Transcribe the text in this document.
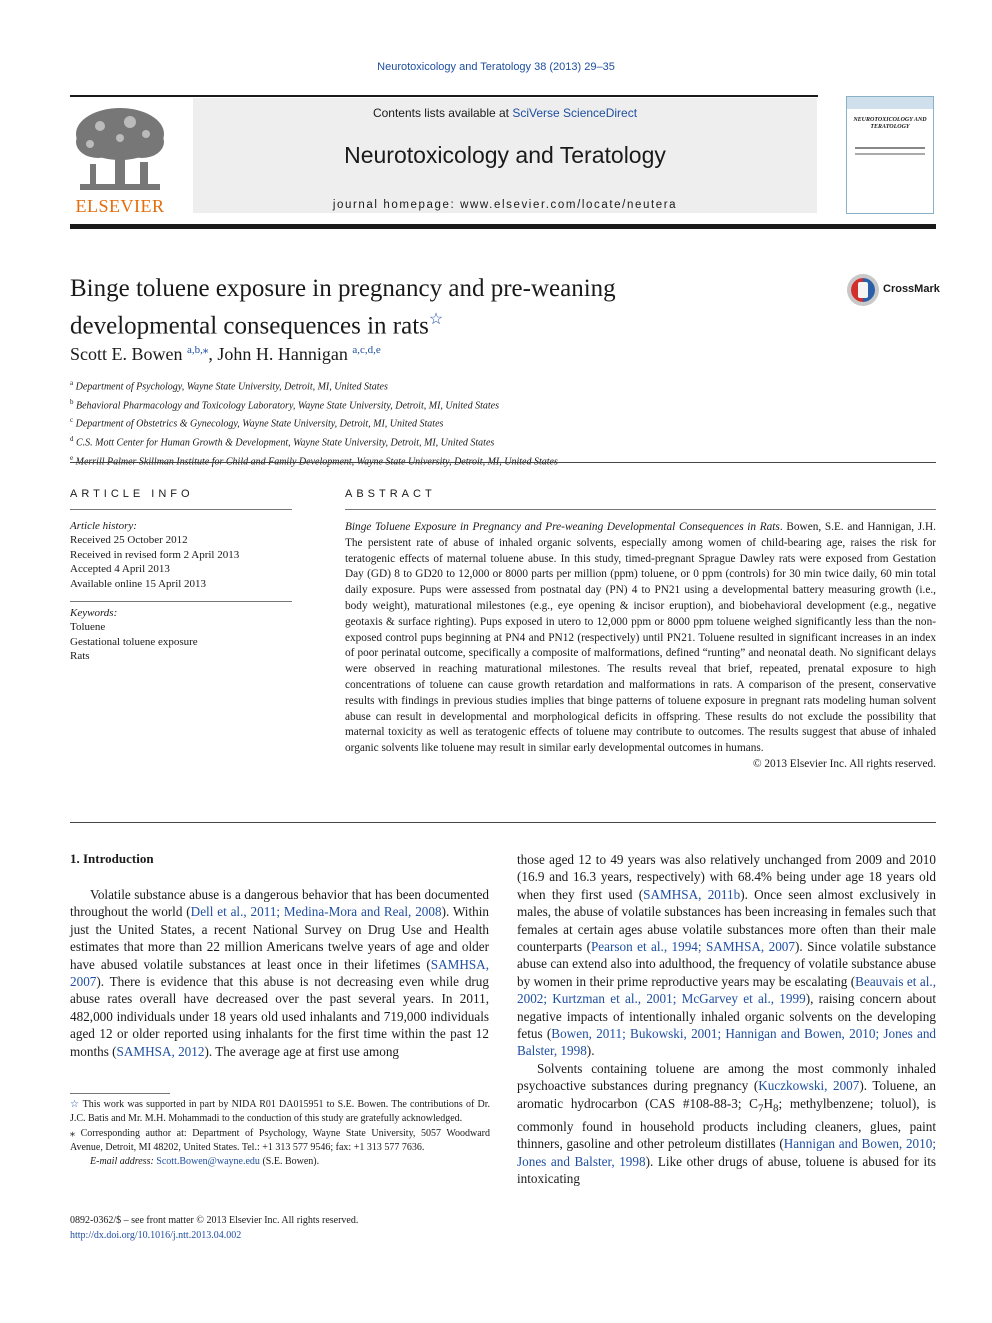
Neurotoxicology and Teratology 38 (2013) 29–35
ELSEVIER
Contents lists available at SciVerse ScienceDirect
Neurotoxicology and Teratology
journal homepage: www.elsevier.com/locate/neutera
NEUROTOXICOLOGY AND TERATOLOGY
Binge toluene exposure in pregnancy and pre-weaning
developmental consequences in rats☆
CrossMark
Scott E. Bowen $^{a,b,⁎}$, John H. Hannigan $^{a,c,d,e}$
$^a$ Department of Psychology, Wayne State University, Detroit, MI, United States
$^b$ Behavioral Pharmacology and Toxicology Laboratory, Wayne State University, Detroit, MI, United States
$^c$ Department of Obstetrics & Gynecology, Wayne State University, Detroit, MI, United States
$^d$ C.S. Mott Center for Human Growth & Development, Wayne State University, Detroit, MI, United States
$^e$
ARTICLE INFO
Article history:
Received 25 October 2012
Received in revised form 2 April 2013
Accepted 4 April 2013
Available online 15 April 2013
Keywords:
Toluene
Gestational toluene exposure
Rats
ABSTRACT
Binge Toluene Exposure in Pregnancy and Pre-weaning Developmental Consequences in Rats. Bowen, S.E. and Hannigan, J.H. The persistent rate of abuse of inhaled organic solvents, especially among women of child-bearing age, raises the risk for teratogenic effects of maternal toluene abuse. In this study, timed-pregnant Sprague Dawley rats were exposed from Gestation Day (GD) 8 to GD20 to 12,000 or 8000 parts per million (ppm) toluene, or 0 ppm (controls) for 30 min twice daily, 60 min total daily exposure. Pups were assessed from postnatal day (PN) 4 to PN21 using a developmental battery measuring growth (i.e., body weight), maturational milestones (e.g., eye opening & incisor eruption), and biobehavioral development (e.g., negative geotaxis & surface righting). Pups exposed in utero to 12,000 ppm or 8000 ppm toluene weighed significantly less than the non-exposed control pups beginning at PN4 and PN12 (respectively) until PN21. Toluene resulted in significant increases in an index of poor perinatal outcome, specifically a composite of malformations, defined “runting” and neonatal death. No significant delays were observed in reaching maturational milestones. The results reveal that brief, repeated, prenatal exposure to high concentrations of toluene can cause growth retardation and malformations in rats. A comparison of the present, conservative results with findings in previous studies implies that binge patterns of toluene exposure in pregnant rats modeling human solvent abuse can result in developmental and morphological deficits in offspring. These results do not exclude the possibility that maternal toxicity as well as teratogenic effects of toluene may contribute to outcomes. The results suggest that abuse of inhaled organic solvents like toluene may result in similar early developmental outcomes in humans.
© 2013 Elsevier Inc. All rights reserved.
1. Introduction

Volatile substance abuse is a dangerous behavior that has been documented throughout the world (Dell et al., 2011; Medina-Mora and Real, 2008). Within just the United States, a recent National Survey on Drug Use and Health estimates that more than 22 million Americans twelve years of age and older have abused volatile substances at least once in their lifetimes (SAMHSA, 2007). There is evidence that this abuse is not decreasing even while drug abuse rates overall have decreased over the past several years. In 2011, 482,000 individuals under 18 years old used inhalants and 719,000 individuals aged 12 or older reported using inhalants for the first time within the past 12 months (SAMHSA, 2012). The average age at first use among

☆ This work was supported in part by NIDA R01 DA015951 to S.E. Bowen. The contributions of Dr. J.C. Batis and Mr. M.H. Mohammadi to the conduction of this study are gratefully acknowledged.

⁎ Corresponding author at: Department of Psychology, Wayne State University, 5057 Woodward Avenue, Detroit, MI 48202, United States. Tel.: +1 313 577 9546; fax: +1 313 577 7636.

E-mail address: Scott.Bowen@wayne.edu (S.E. Bowen).

0892-0362/$ – see front matter © 2013 Elsevier Inc. All rights reserved.
http://dx.doi.org/10.1016/j.ntt.2013.04.002

those aged 12 to 49 years was also relatively unchanged from 2009 and 2010 (16.9 and 16.3 years, respectively) with 68.4% being under age 18 years old when they first used (SAMHSA, 2011b). Once seen almost exclusively in males, the abuse of volatile substances has been increasing in females such that females at certain ages abuse volatile substances more often than their male counterparts (Pearson et al., 1994; SAMHSA, 2007). Since volatile substance abuse can extend also into adulthood, the frequency of volatile substance abuse by women in their prime reproductive years may be escalating (Beauvais et al., 2002; Kurtzman et al., 2001; McGarvey et al., 1999), raising concern about negative impacts of intentionally inhaled organic solvents on the developing fetus (Bowen, 2011; Bukowski, 2001; Hannigan and Bowen, 2010; Jones and Balster, 1998).

Solvents containing toluene are among the most commonly inhaled psychoactive substances during pregnancy (Kuczkowski, 2007). Toluene, an aromatic hydrocarbon (CAS #108-88-3; $C_7H_8$; methylbenzene; toluol), is commonly found in household products including cleaners, glues, paint thinners, gasoline and other petroleum distillates (Hannigan and Bowen, 2010; Jones and Balster, 1998). Like other drugs of abuse, toluene is abused for its intoxicating
